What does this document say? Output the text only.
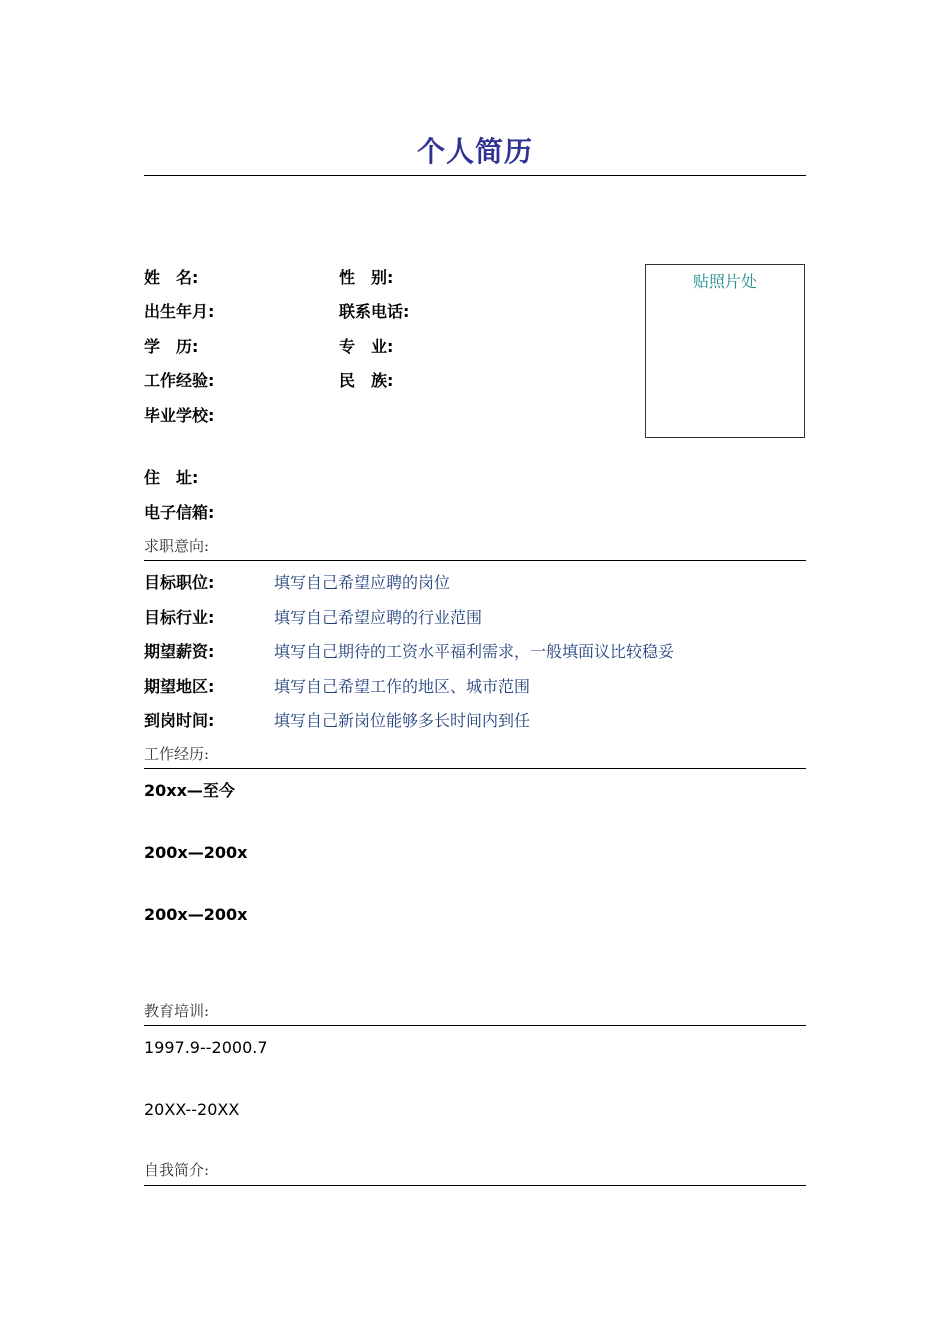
个人简历
姓　名:	性　别:
出生年月:	联系电话:
学　历:	专　业:
工作经验:	民　族:
毕业学校:
住　址:
电子信箱:
贴照片处
求职意向:
目标职位:	填写自己希望应聘的岗位
目标行业:	填写自己希望应聘的行业范围
期望薪资:	填写自己期待的工资水平福利需求，一般填面议比较稳妥
期望地区:	填写自己希望工作的地区、城市范围
到岗时间:	填写自己新岗位能够多长时间内到任
工作经历:
20xx—至今
200x—200x
200x—200x
教育培训:
1997.9--2000.7
20XX--20XX
自我简介:
